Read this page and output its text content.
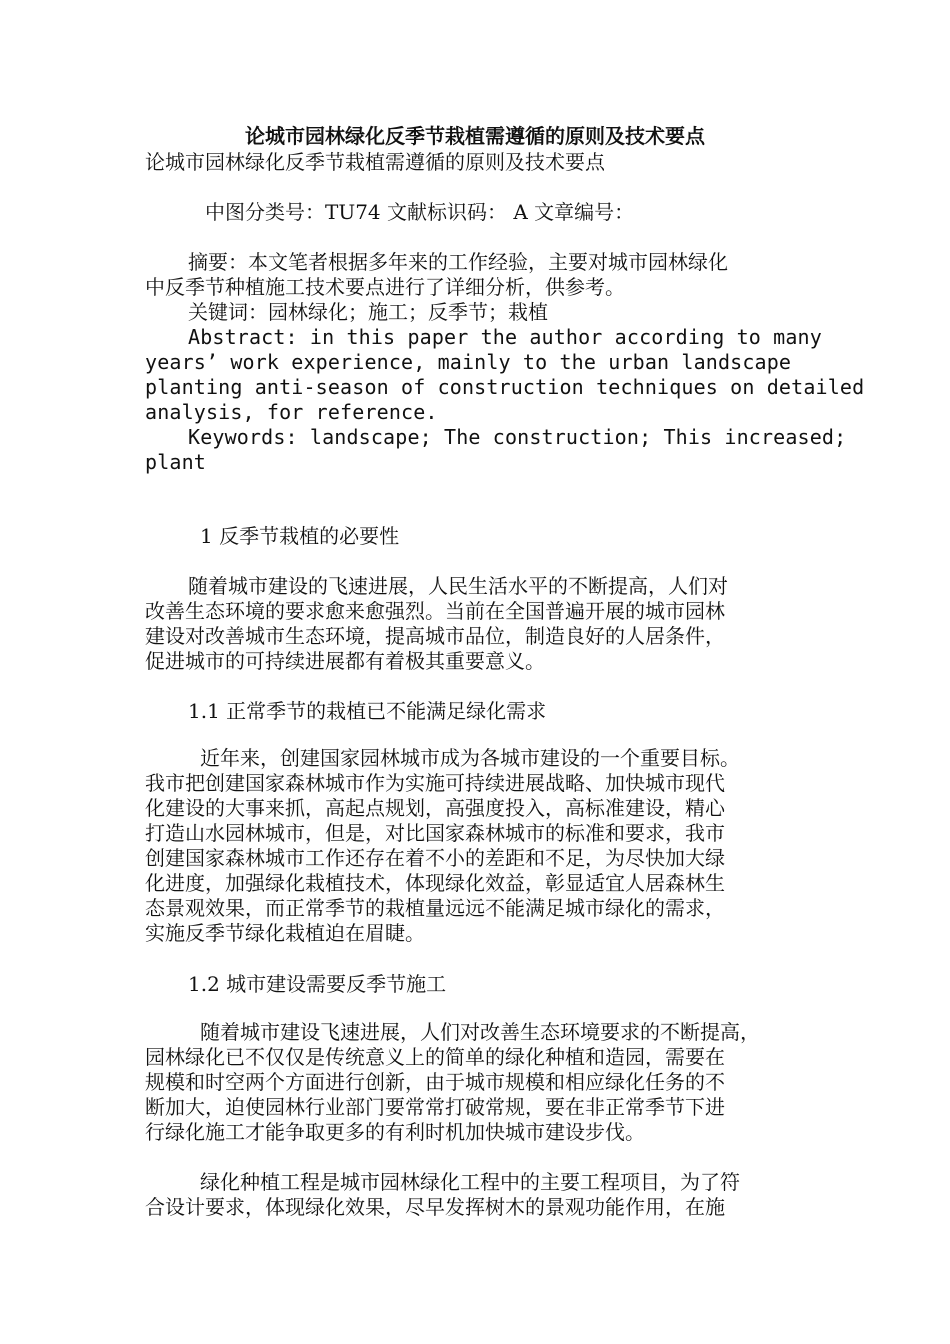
论城市园林绿化反季节栽植需遵循的原则及技术要点
论城市园林绿化反季节栽植需遵循的原则及技术要点
中图分类号：TU74 文献标识码： A 文章编号：
摘要：本文笔者根据多年来的工作经验，主要对城市园林绿化
中反季节种植施工技术要点进行了详细分析，供参考。
关键词：园林绿化；施工；反季节；栽植
Abstract: in this paper the author according to many
years’ work experience, mainly to the urban landscape
planting anti-season of construction techniques on detailed
analysis, for reference.
Keywords: landscape; The construction; This increased;
plant
1 反季节栽植的必要性
随着城市建设的飞速进展，人民生活水平的不断提高，人们对
改善生态环境的要求愈来愈强烈。当前在全国普遍开展的城市园林
建设对改善城市生态环境，提高城市品位，制造良好的人居条件，
促进城市的可持续进展都有着极其重要意义。
1.1 正常季节的栽植已不能满足绿化需求
近年来，创建国家园林城市成为各城市建设的一个重要目标。
我市把创建国家森林城市作为实施可持续进展战略、加快城市现代
化建设的大事来抓，高起点规划，高强度投入，高标准建设，精心
打造山水园林城市，但是，对比国家森林城市的标准和要求，我市
创建国家森林城市工作还存在着不小的差距和不足，为尽快加大绿
化进度，加强绿化栽植技术，体现绿化效益，彰显适宜人居森林生
态景观效果，而正常季节的栽植量远远不能满足城市绿化的需求，
实施反季节绿化栽植迫在眉睫。
1.2 城市建设需要反季节施工
随着城市建设飞速进展，人们对改善生态环境要求的不断提高，
园林绿化已不仅仅是传统意义上的简单的绿化种植和造园，需要在
规模和时空两个方面进行创新，由于城市规模和相应绿化任务的不
断加大，迫使园林行业部门要常常打破常规，要在非正常季节下进
行绿化施工才能争取更多的有利时机加快城市建设步伐。
绿化种植工程是城市园林绿化工程中的主要工程项目，为了符
合设计要求，体现绿化效果，尽早发挥树木的景观功能作用，在施
